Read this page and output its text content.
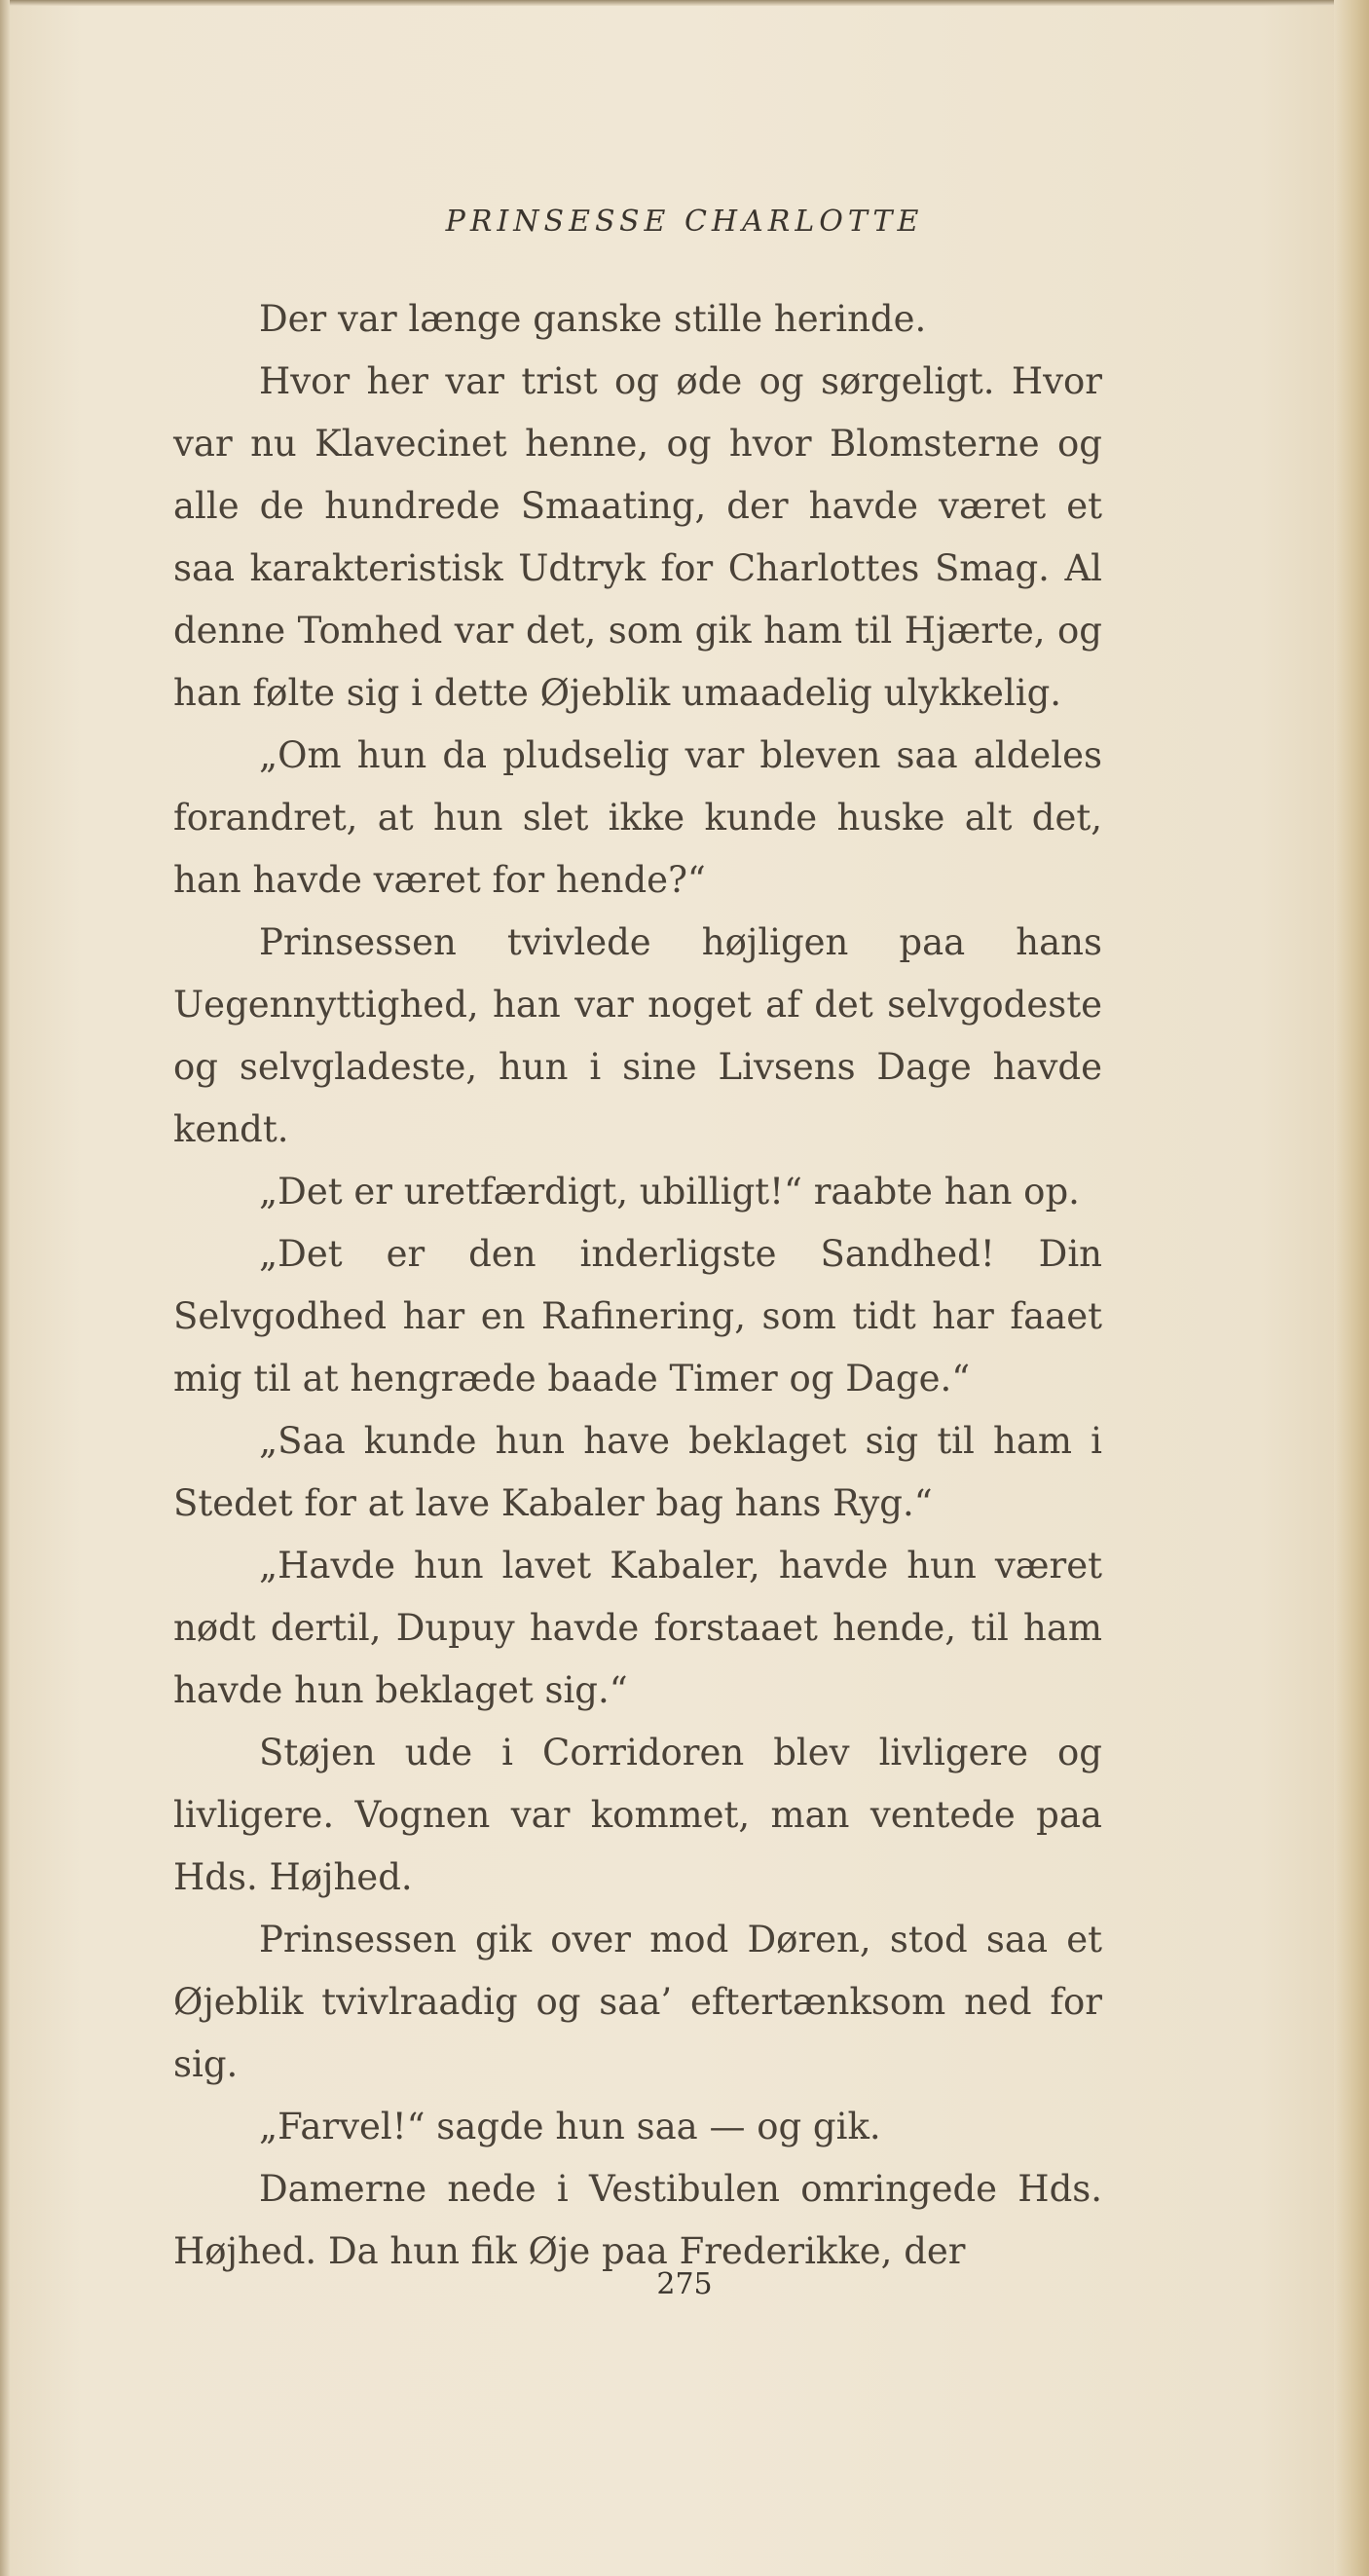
PRINSESSE CHARLOTTE

Der var længe ganske stille herinde.

Hvor her var trist og øde og sørgeligt. Hvor var nu Klavecinet henne, og hvor Blomsterne og alle de hundrede Smaating, der havde været et saa karakteristisk Udtryk for Charlottes Smag. Al denne Tomhed var det, som gik ham til Hjærte, og han følte sig i dette Øjeblik umaadelig ulykkelig.

„Om hun da pludselig var bleven saa aldeles forandret, at hun slet ikke kunde huske alt det, han havde været for hende?“

Prinsessen tvivlede højligen paa hans Uegennyttighed, han var noget af det selvgodeste og selvgladeste, hun i sine Livsens Dage havde kendt.

„Det er uretfærdigt, ubilligt!“ raabte han op.

„Det er den inderligste Sandhed! Din Selvgodhed har en Rafinering, som tidt har faaet mig til at hengræde baade Timer og Dage.“

„Saa kunde hun have beklaget sig til ham i Stedet for at lave Kabaler bag hans Ryg.“

„Havde hun lavet Kabaler, havde hun været nødt dertil, Dupuy havde forstaaet hende, til ham havde hun beklaget sig.“

Støjen ude i Corridoren blev livligere og livligere. Vognen var kommet, man ventede paa Hds. Højhed.

Prinsessen gik over mod Døren, stod saa et Øjeblik tvivlraadig og saa’ eftertænksom ned for sig.

„Farvel!“ sagde hun saa — og gik.

Damerne nede i Vestibulen omringede Hds. Højhed. Da hun fik Øje paa Frederikke, der

275
